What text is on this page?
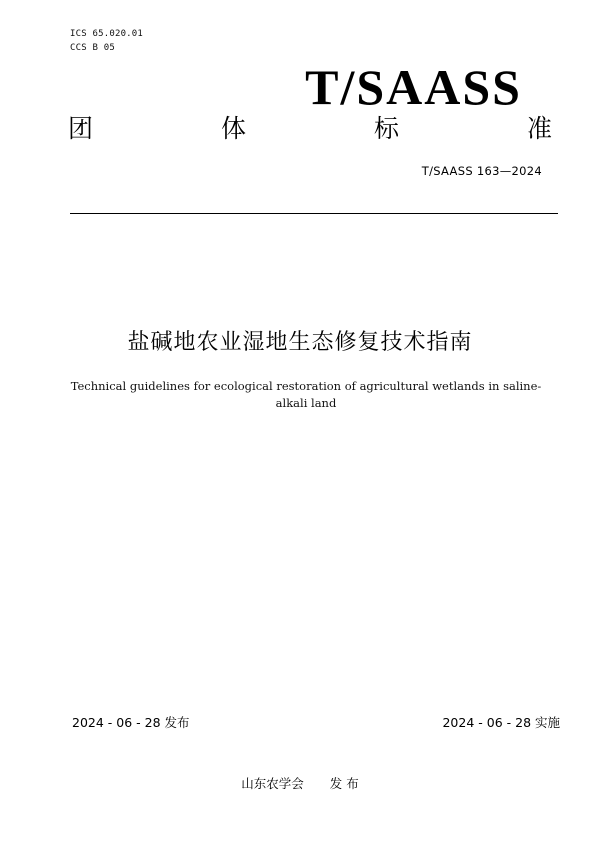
ICS 65.020.01
CCS B 05
T/SAASS
团	体	标	准
T/SAASS 163—2024
盐碱地农业湿地生态修复技术指南
Technical guidelines for ecological restoration of agricultural wetlands in saline-alkali land
2024 - 06 - 28 发布	2024 - 06 - 28 实施
山东农学会 发 布
